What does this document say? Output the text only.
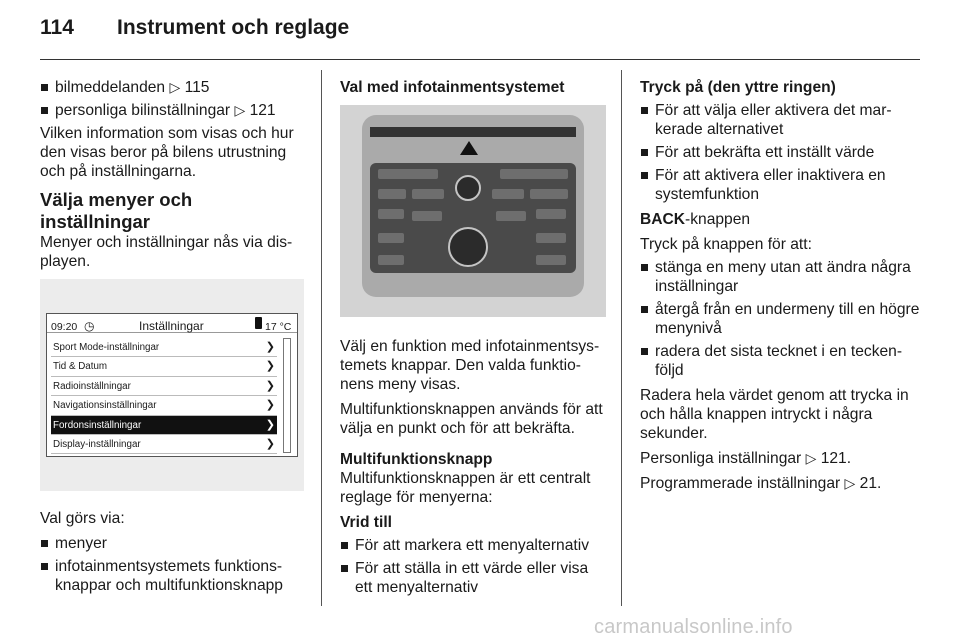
114 Instrument och reglage
bilmeddelanden ▷ 115
personliga bilinställningar ▷ 121

Vilken information som visas och hur den visas beror på bilens utrustning och på inställningarna.

Välja menyer och inställningar

Menyer och inställningar nås via dis-playen.

09:20 ◷	Inställningar	17 °C
Sport Mode-inställningar	❯
Tid & Datum	❯
Radioinställningar	❯
Navigationsinställningar	❯
Fordonsinställningar	❯
Display-inställningar	❯

Val görs via:

menyer
infotainmentsystemets funktions-knappar och multifunktionsknapp
Val med infotainmentsystemet

Välj en funktion med infotainmentsys-temets knappar. Den valda funktio-nens meny visas.

Multifunktionsknappen används för att välja en punkt och för att bekräfta.

Multifunktionsknapp

Multifunktionsknappen är ett centralt reglage för menyerna:

Vrid till
För att markera ett menyalternativ
För att ställa in ett värde eller visa ett menyalternativ
Tryck på (den yttre ringen)
För att välja eller aktivera det mar-kerade alternativet
För att bekräfta ett inställt värde
För att aktivera eller inaktivera en systemfunktion

BACK-knappen

Tryck på knappen för att:

stänga en meny utan att ändra några inställningar
återgå från en undermeny till en högre menynivå
radera det sista tecknet i en tecken-följd

Radera hela värdet genom att trycka in och hålla knappen intryckt i några sekunder.

Personliga inställningar ▷ 121.

Programmerade inställningar ▷ 21.

carmanualsonline.info
